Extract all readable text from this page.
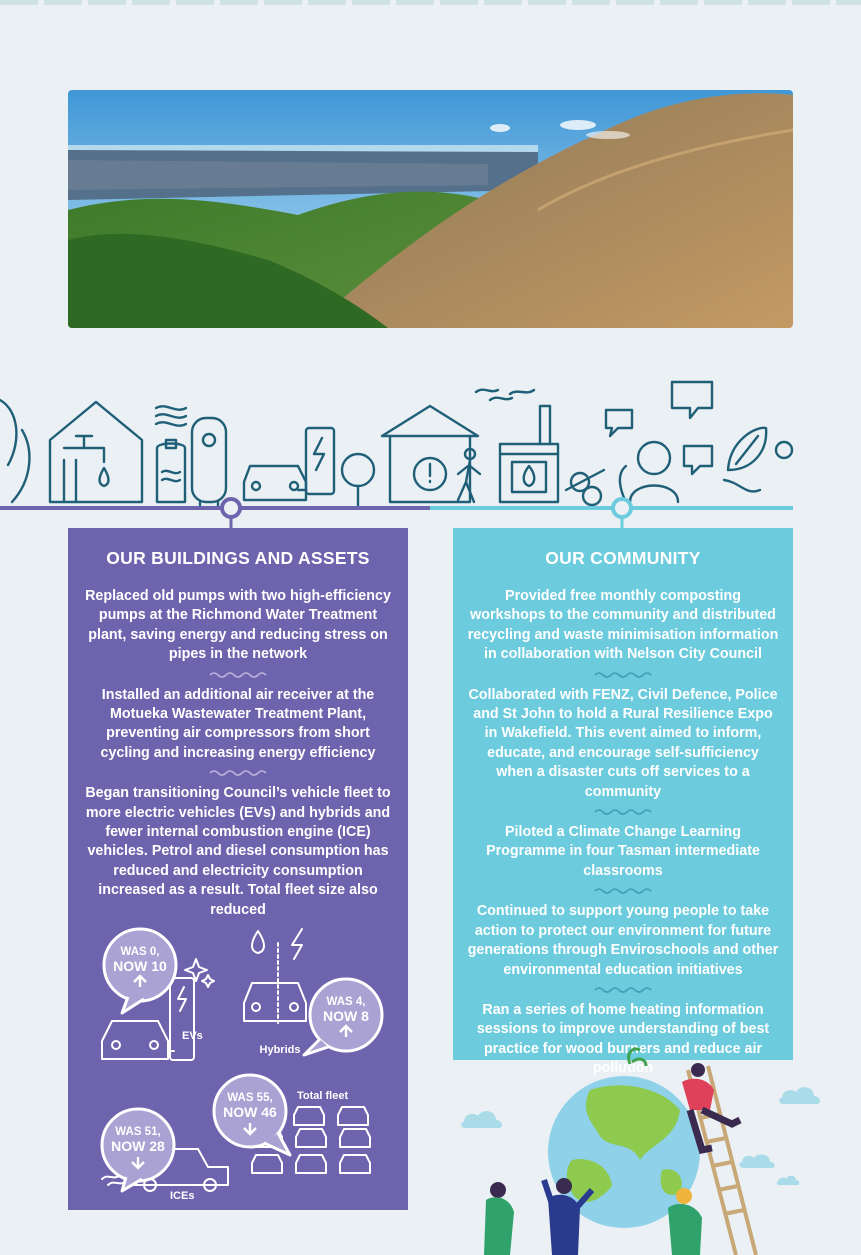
OUR BUILDINGS AND ASSETS
Replaced old pumps with two high-efficiency pumps at the Richmond Water Treatment plant, saving energy and reducing stress on pipes in the network
Installed an additional air receiver at the Motueka Wastewater Treatment Plant, preventing air compressors from short cycling and increasing energy efficiency
Began transitioning Council’s vehicle fleet to more electric vehicles (EVs) and hybrids and fewer internal combustion engine (ICE) vehicles. Petrol and diesel consumption has reduced and electricity consumption increased as a result. Total fleet size also reduced
WAS 0,
NOW 10
EVs
WAS 4,
NOW 8
Hybrids
WAS 55,
NOW 46
Total fleet
WAS 51,
NOW 28
ICEs
OUR COMMUNITY
Provided free monthly composting workshops to the community and distributed recycling and waste minimisation information in collaboration with Nelson City Council
Collaborated with FENZ, Civil Defence, Police and St John to hold a Rural Resilience Expo in Wakefield. This event aimed to inform, educate, and encourage self-sufficiency when a disaster cuts off services to a community
Piloted a Climate Change Learning Programme in four Tasman intermediate classrooms
Continued to support young people to take action to protect our environment for future generations through Enviroschools and other environmental education initiatives
Ran a series of home heating information sessions to improve understanding of best practice for wood burners and reduce air pollution
